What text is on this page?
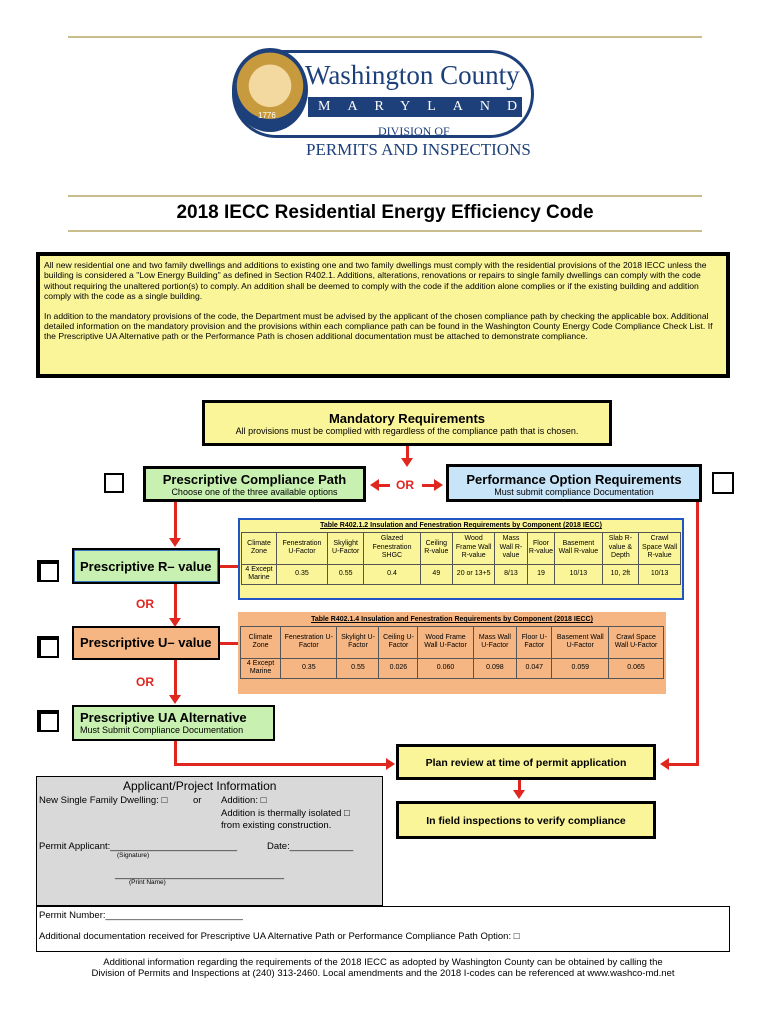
1776
Washington County
MARYLAND
DIVISION OF
PERMITS AND INSPECTIONS
2018 IECC Residential Energy Efficiency Code

All new residential one and two family dwellings and additions to existing one and two family dwellings must comply with the residential provisions of the 2018 IECC unless the building is considered a "Low Energy Building" as defined in Section R402.1. Additions, alterations, renovations or repairs to single family dwellings can comply with the code without requiring the unaltered portion(s) to comply. An addition shall be deemed to comply with the code if the addition alone complies or if the existing building and addition comply with the code as a single building.

In addition to the mandatory provisions of the code, the Department must be advised by the applicant of the chosen compliance path by checking the applicable box. Additional detailed information on the mandatory provision and the provisions within each compliance path can be found in the Washington County Energy Code Compliance Check List. If the Prescriptive UA Alternative path or the Performance Path is chosen additional documentation must be attached to demonstrate compliance.

Mandatory Requirements
All provisions must be complied with regardless of the compliance path that is chosen.
Prescriptive Compliance Path
Choose one of the three available options	OR	Performance Option Requirements
Must submit compliance Documentation
OR
OR
Prescriptive R– value
Table R402.1.2 Insulation and Fenestration Requirements by Component (2018 IECC)										
Climate Zone	Fenestration U-Factor	Skylight U-Factor	Glazed Fenestration SHGC	Ceiling R-value	Wood Frame Wall R-value	Mass Wall R-value	Floor R-value	Basement Wall R-value	Slab R-value & Depth	Crawl Space Wall R-value
4 Except Marine	0.35	0.55	0.4	49	20 or 13+5	8/13	19	10/13	10, 2ft	10/13
Prescriptive U– value
Table R402.1.4 Insulation and Fenestration Requirements by Component (2018 IECC)								
Climate Zone	Fenestration U-Factor	Skylight U-Factor	Ceiling U-Factor	Wood Frame Wall U-Factor	Mass Wall U-Factor	Floor U-Factor	Basement Wall U-Factor	Crawl Space Wall U-Factor
4 Except Marine	0.35	0.55	0.026	0.060	0.098	0.047	0.059	0.065
Prescriptive UA Alternative
Must Submit Compliance Documentation
Plan review at time of permit application
In field inspections to verify compliance
Applicant/Project Information
New Single Family Dwelling: □	or Addition: □
Addition is thermally isolated □
from existing construction.
Permit Applicant:________________________	Date:____________
(Signature)
________________________________
(Print Name)
Permit Number:__________________________
Additional documentation received for Prescriptive UA Alternative Path or Performance Compliance Path Option: □
Additional information regarding the requirements of the 2018 IECC as adopted by Washington County can be obtained by calling the
Division of Permits and Inspections at (240) 313-2460. Local amendments and the 2018 I-codes can be referenced at www.washco-md.net
